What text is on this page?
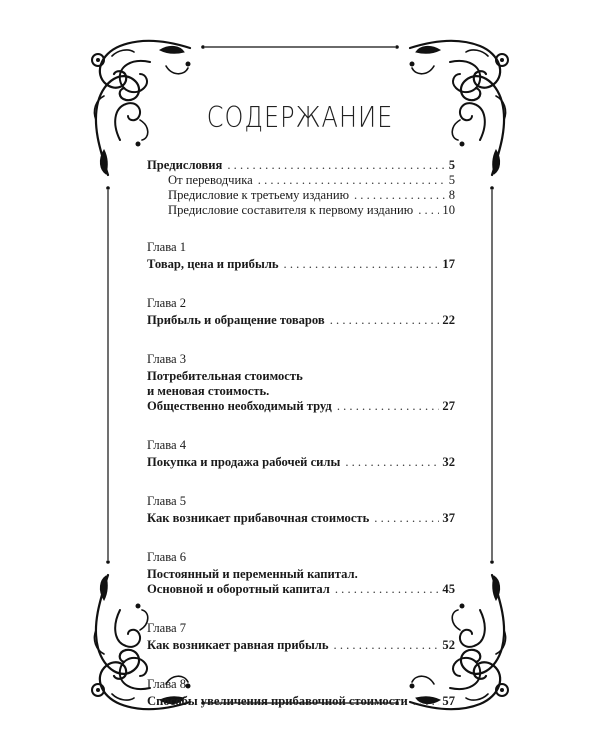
СОДЕРЖАНИЕ
Предисловия . . .	5
От переводчика . . .	5
Предисловие к третьему изданию . . .	8
Предисловие составителя к первому изданию . . . 10
Глава 1
Товар, цена и прибыль . . .	17
Глава 2
Прибыль и обращение товаров . . .	22
Глава 3
Потребительная стоимость
и меновая стоимость.
Общественно необходимый труд . . .	27
Глава 4
Покупка и продажа рабочей силы . . .	32
Глава 5
Как возникает прибавочная стоимость . . .	37
Глава 6
Постоянный и переменный капитал.
Основной и оборотный капитал . . .	45
Глава 7
Как возникает равная прибыль . . .	52
Глава 8
Способы увеличения прибавочной стоимости . . .	57
